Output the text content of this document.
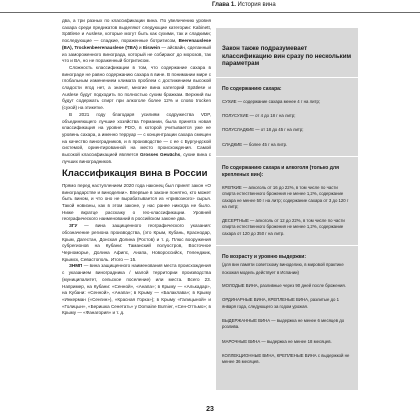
Глава 1. История вина

два, а три разных по классификации вина. По увеличению уровня сахара среди предикатов выделяют следующие категории: Kabinett, Spätlese и Auslese, которые могут быть как сухими, так и сладкими; последующие — сладкие, пораженные ботритисом, Beerenauslese (BA), Trockenbeerenauslese (TBA) и Eiswein — айсвайн, сделанный из замороженного винограда, который не собирают до морозов, так что и BA, но не пораженный ботритисом.

Сложность классификации в том, что содержание сахара в винограде не равно содержанию сахара в вине. В понимании мире с глобальным изменением климата проблем с достижением высокой сладости ягод нет, а значит, многие вина категорий Spätlese и Auslese будут подходить по полностью сухим бражкам. Верхний вы будут содержать спирт при алкоголе более 12% и слово trocken (сухой) на этикетке.

В 2021 году благодаря усилиям содружества VDP, объединяющего лучшие хозяйства Германии, была принята новая классификация на уровне PDO, в которой учитывается уже не уровень сахара, а именно терруар — с концентрации сахара смещен на качество виноградников, и в производстве — с ее с Бургундской системой, ориентированной на место происхождения. Самой высокой классификацией является Grosses Gewächs, сухие вина с лучших виноградников.

Классификация вина в России

Прямо перед наступлением 2020 года наконец был принят закон «О виноградарстве и виноделии». Впервые в законе понятно, кто может быть вином, и что оно не вырабатывается из «привозного» сырья. Такой новизны, как в этом законе, у нас ранее никогда не было. Ниже вкратце расскажу о гео-классификации. Уровней географического наименований в российском законе два.

ЗГУ — вина защищенного географического указания: обозначение региона производства, (это Крым, Кубань, Краснодар, Крым, Дагестан, Донская Долина (Ростов) и т. д. Плюс вооружения субрегионов на Кубани: Таманский полуостров, Восточное Черноморье, Долина Афипс, Анапа, Новороссийск, Геленджик, Крымск, Севастополь. Итого — 15.

ЗНМП — вина защищенного наименования места происхождения с указанием виноградника / малой территории производства (муниципалитет, сельское поселение) или места. Всего 23. Например, на Кубани: «Сенной», «Анапа»; в Крыму — «Алькадар», на Кубани: «Сенной», «Анапа»; в Крыму — «Балаклава»; в Крыму «Инкерман («Сенгин»), «Красная Горка»); в Крыму «Галицыной» и «Голицын», «Беришка Сенетать» у Domaine Burnier, «Сен-Оттьмо»; в Крыму — «Фанагория» и т. д.

Закон также подразумевает классификацию вин сразу по нескольким параметрам
По содержанию сахара:
СУХИЕ — содержание сахара менее 4 г на литр;
ПОЛУСУХИЕ — от 4 до 18 г на литр;
ПОЛУСЛАДКИЕ — от 18 до 45 г на литр;
СЛАДКИЕ — более 45 г на литр.
По содержанию сахара и алкоголя (только для крепленых вин):
КРЕПКИЕ — алкоголь от 16 до 22%, в том числе по части спирта естественного брожения не менее 1,2%, содержание сахара не менее 50 г на литр; содержание сахара от 3 до 120 г на литр;
ДЕСЕРТНЫЕ — алкоголь от 12 до 22%, в том числе по части спирта естественного брожения не менее 1,2%, содержание сахара от 120 до 350 г на литр.
По возрасту и уровню выдержки:
(для вин памяти советскому виноделию, в мировой практике похожая модель действует в Испании)
МОЛОДЫЕ ВИНА, разливные через 90 дней после брожения.
ОРДИНАРНЫЕ ВИНА, КРЕПЛЕНЫЕ ВИНА, разлитые до 1 января года, следующего за годом урожая.
ВЫДЕРЖАННЫЕ ВИНА — выдержка не менее 6 месяцев до розлива.
МАРОЧНЫЕ ВИНА — выдержка не менее 18 месяцев.
КОЛЛЕКЦИОННЫЕ ВИНА, КРЕПЛЕНЫЕ ВИНА с выдержкой не менее 36 месяцев.
23
